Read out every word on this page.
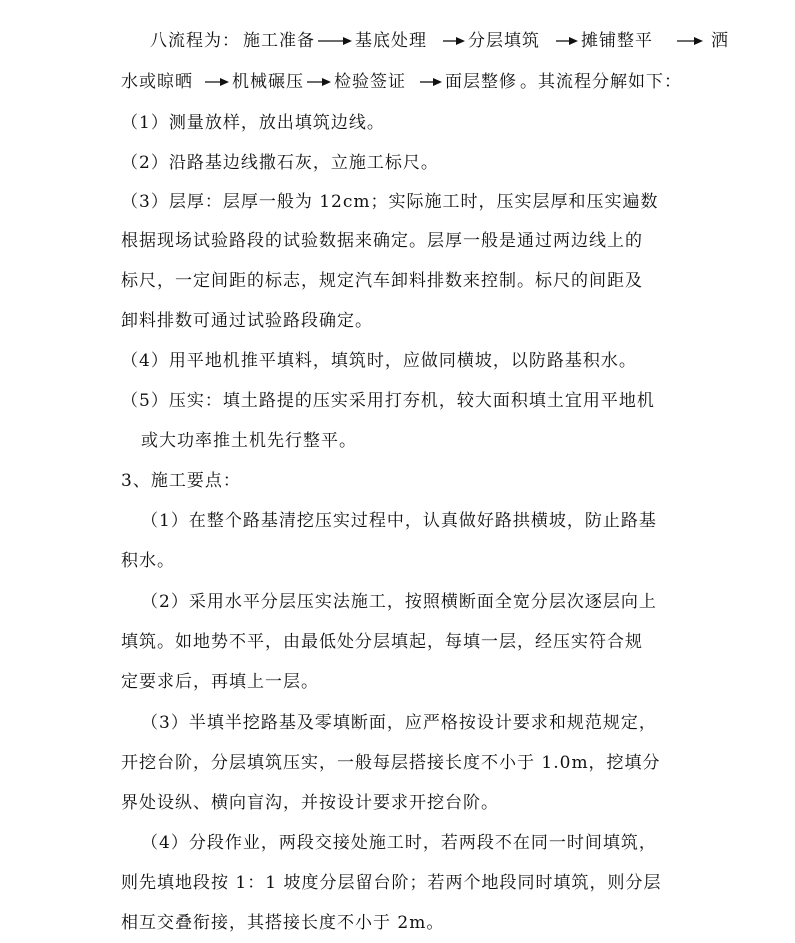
八流程为： 施工准备 基底处理 分层填筑 摊铺整平	洒
水或晾晒 机械碾压 检验签证 面层整修 。其流程分解如下：
（1）测量放样，放出填筑边线。
（2）沿路基边线撒石灰，立施工标尺。
（3）层厚：层厚一般为 12cm；实际施工时，压实层厚和压实遍数
根据现场试验路段的试验数据来确定。层厚一般是通过两边线上的
标尺，一定间距的标志，规定汽车卸料排数来控制。标尺的间距及
卸料排数可通过试验路段确定。
（4）用平地机推平填料，填筑时，应做同横坡，以防路基积水。
（5）压实：填土路提的压实采用打夯机，较大面积填土宜用平地机
或大功率推土机先行整平。
3、施工要点：
（1）在整个路基清挖压实过程中，认真做好路拱横坡，防止路基
积水。
（2）采用水平分层压实法施工，按照横断面全宽分层次逐层向上
填筑。如地势不平，由最低处分层填起，每填一层，经压实符合规
定要求后，再填上一层。
（3）半填半挖路基及零填断面，应严格按设计要求和规范规定，
开挖台阶，分层填筑压实，一般每层搭接长度不小于 1.0m，挖填分
界处设纵、横向盲沟，并按设计要求开挖台阶。
（4）分段作业，两段交接处施工时，若两段不在同一时间填筑，
则先填地段按 1：1 坡度分层留台阶；若两个地段同时填筑，则分层
相互交叠衔接，其搭接长度不小于 2m。
